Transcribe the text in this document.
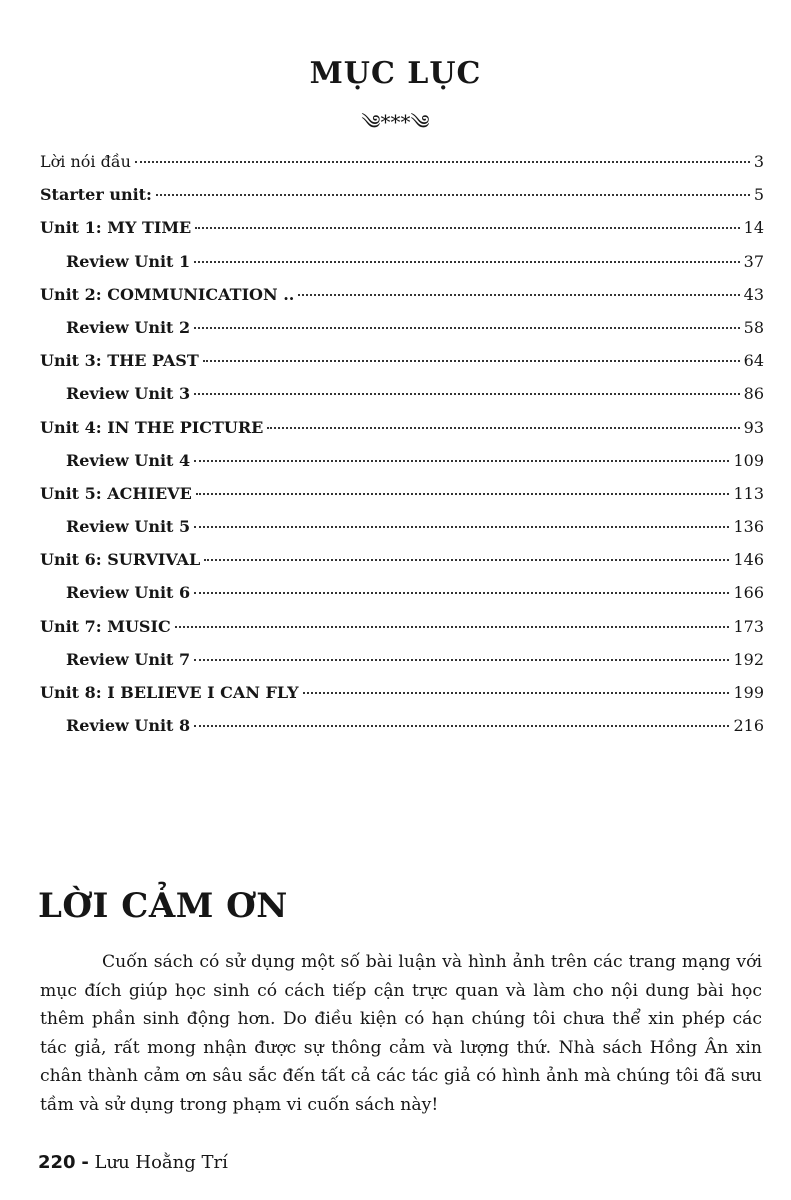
MỤC LỤC
༄***༄
Lời nói đầu	3
Starter unit:	5
Unit 1: MY TIME	14
Review Unit 1	37
Unit 2: COMMUNICATION ..	43
Review Unit 2	58
Unit 3: THE PAST	64
Review Unit 3	86
Unit 4: IN THE PICTURE	93
Review Unit 4	109
Unit 5: ACHIEVE	113
Review Unit 5	136
Unit 6: SURVIVAL	146
Review Unit 6	166
Unit 7: MUSIC	173
Review Unit 7	192
Unit 8: I BELIEVE I CAN FLY	199
Review Unit 8	216
LỜI CẢM ƠN
Cuốn sách có sử dụng một số bài luận và hình ảnh trên các trang mạng với mục đích giúp học sinh có cách tiếp cận trực quan và làm cho nội dung bài học thêm phần sinh động hơn. Do điều kiện có hạn chúng tôi chưa thể xin phép các tác giả, rất mong nhận được sự thông cảm và lượng thứ. Nhà sách Hồng Ân xin chân thành cảm ơn sâu sắc đến tất cả các tác giả có hình ảnh mà chúng tôi đã sưu tầm và sử dụng trong phạm vi cuốn sách này!
220 - Lưu Hoằng Trí
